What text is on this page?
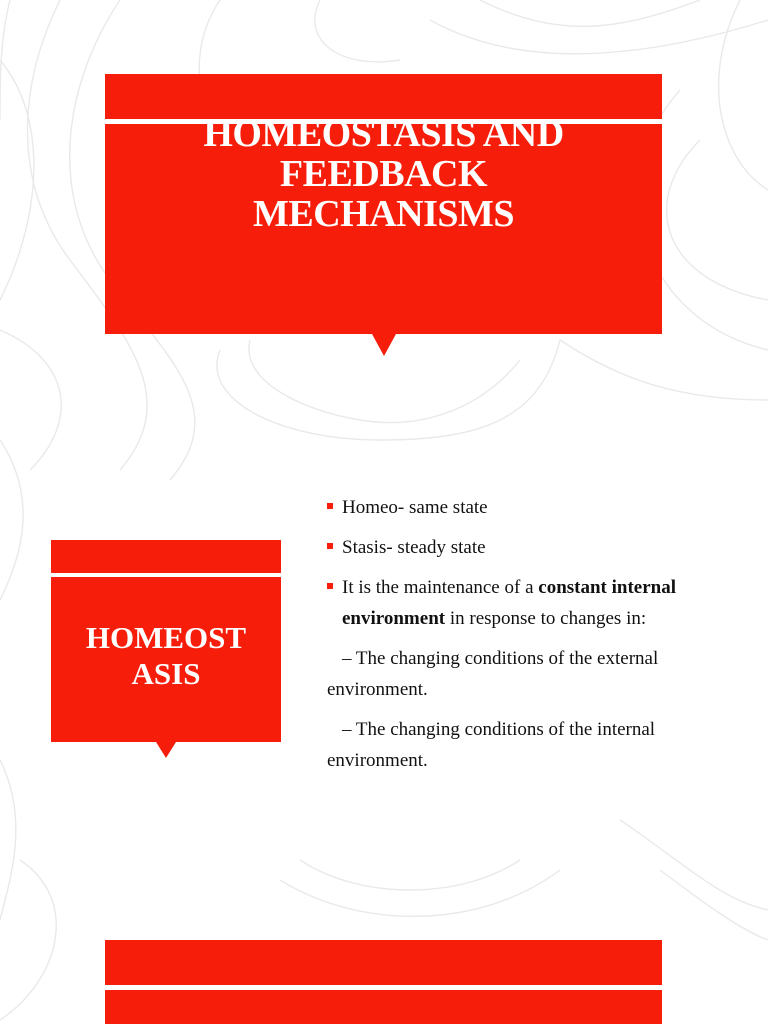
HOMEOSTASIS AND
FEEDBACK
MECHANISMS
HOMEOST
ASIS
Homeo- same state
Stasis- steady state
It is the maintenance of a constant internal environment in response to changes in:
– The changing conditions of the external environment.
– The changing conditions of the internal environment.
